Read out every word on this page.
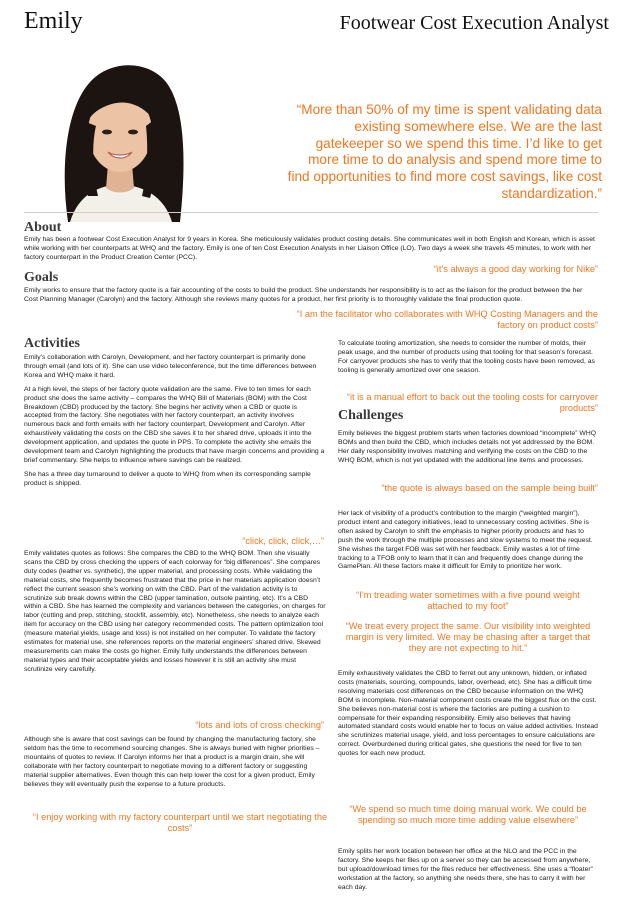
Emily	Footwear Cost Execution Analyst
“More than 50% of my time is spent validating data existing somewhere else. We are the last gatekeeper so we spend this time. I’d like to get more time to do analysis and spend more time to find opportunities to find more cost savings, like cost standardization.”
About
Emily has been a footwear Cost Execution Analyst for 9 years in Korea. She meticulously validates product costing details. She communicates well in both English and Korean, which is asset while working with her counterparts at WHQ and the factory. Emily is one of ten Cost Execution Analysts in her Liaison Office (LO). Two days a week she travels 45 minutes, to work with her factory counterpart in the Product Creation Center (PCC).
“it’s always a good day working for Nike”
Goals
Emily works to ensure that the factory quote is a fair accounting of the costs to build the product. She understands her responsibility is to act as the liaison for the product between the her Cost Planning Manager (Carolyn) and the factory. Although she reviews many quotes for a product, her first priority is to thoroughly validate the final production quote.
“I am the facilitator who collaborates with WHQ Costing Managers and the factory on product costs”
Activities

Emily’s collaboration with Carolyn, Development, and her factory counterpart is primarily done through email (and lots of it). She can use video teleconference, but the time differences between Korea and WHQ make it hard.

At a high level, the steps of her factory quote validation are the same. Five to ten times for each product she does the same activity – compares the WHQ Bill of Materials (BOM) with the Cost Breakdown (CBD) produced by the factory. She begins her activity when a CBD or quote is accepted from the factory. She negotiates with her factory counterpart, an activity involves numerous back and forth emails with her factory counterpart, Development and Carolyn. After exhaustively validating the costs on the CBD she saves it to her shared drive, uploads it into the development application, and updates the quote in PPS. To complete the activity she emails the development team and Carolyn highlighting the products that have margin concerns and providing a brief commentary. She helps to influence where savings can be realized.

She has a three day turnaround to deliver a quote to WHQ from when its corresponding sample product is shipped.

“click, click, click,…”
Emily validates quotes as follows: She compares the CBD to the WHQ BOM. Then she visually scans the CBD by cross checking the uppers of each colorway for “big differences”. She compares duty codes (leather vs. synthetic), the upper material, and processing costs. While validating the material costs, she frequently becomes frustrated that the price in her materials application doesn’t reflect the current season she’s working on with the CBD. Part of the validation activity is to scrutinize sub break downs within the CBD (upper lamination, outsole painting, etc). It’s a CBD within a CBD. She has learned the complexity and variances between the categories, on charges for labor (cutting and prep, stitching, stockfit, assembly, etc). Nonetheless, she needs to analyze each item for accuracy on the CBD using her category recommended costs. The pattern optimization tool (measure material yields, usage and loss) is not installed on her computer. To validate the factory estimates for material use, she references reports on the material engineers’ shared drive. Skewed measurements can make the costs go higher. Emily fully understands the differences between material types and their acceptable yields and losses however it is still an activity she must scrutinize very carefully.
“lots and lots of cross checking”
Although she is aware that cost savings can be found by changing the manufacturing factory, she seldom has the time to recommend sourcing changes. She is always buried with higher priorities – mountains of quotes to review. If Carolyn informs her that a product is a margin drain, she will collaborate with her factory counterpart to negotiate moving to a different factory or suggesting material supplier alternatives. Even though this can help lower the cost for a given product, Emily believes they will eventually push the expense to a future products.
“I enjoy working with my factory counterpart until we start negotiating the costs”
To calculate tooling amortization, she needs to consider the number of molds, their peak usage, and the number of products using that tooling for that season’s forecast. For carryover products she has to verify that the tooling costs have been removed, as tooling is generally amortized over one season.
“it is a manual effort to back out the tooling costs for carryover products”
Challenges
Emily believes the biggest problem starts when factories download “incomplete” WHQ BOMs and then build the CBD, which includes details not yet addressed by the BOM. Her daily responsibility involves matching and verifying the costs on the CBD to the WHQ BOM, which is not yet updated with the additional line items and processes.
“the quote is always based on the sample being built”
Her lack of visibility of a product’s contribution to the margin (“weighted margin”), product intent and category initiatives, lead to unnecessary costing activities. She is often asked by Carolyn to shift the emphasis to higher priority products and has to push the work through the multiple processes and slow systems to meet the request. She wishes the target FOB was set with her feedback. Emily wastes a lot of time tracking to a TFOB only to learn that it can and frequently does change during the GamePlan. All these factors make it difficult for Emily to prioritize her work.
“I’m treading water sometimes with a five pound weight attached to my foot”
“We treat every project the same. Our visibility into weighted margin is very limited. We may be chasing after a target that they are not expecting to hit.”
Emily exhaustively validates the CBD to ferret out any unknown, hidden, or inflated costs (materials, sourcing, compounds, labor, overhead, etc). She has a difficult time resolving materials cost differences on the CBD because information on the WHQ BOM is incomplete. Non-material component costs create the biggest flux on the cost. She believes non-material cost is where the factories are putting a cushion to compensate for their expanding responsibility. Emily also believes that having automated standard costs would enable her to focus on value added activities. Instead she scrutinizes material usage, yield, and loss percentages to ensure calculations are correct. Overburdened during critical gates, she questions the need for five to ten quotes for each new product.
“We spend so much time doing manual work. We could be spending so much more time adding value elsewhere”
Emily splits her work location between her office at the NLO and the PCC in the factory. She keeps her files up on a server so they can be accessed from anywhere, but upload/download times for the files reduce her effectiveness. She uses a “floater” workstation at the factory, so anything she needs there, she has to carry it with her each day.
